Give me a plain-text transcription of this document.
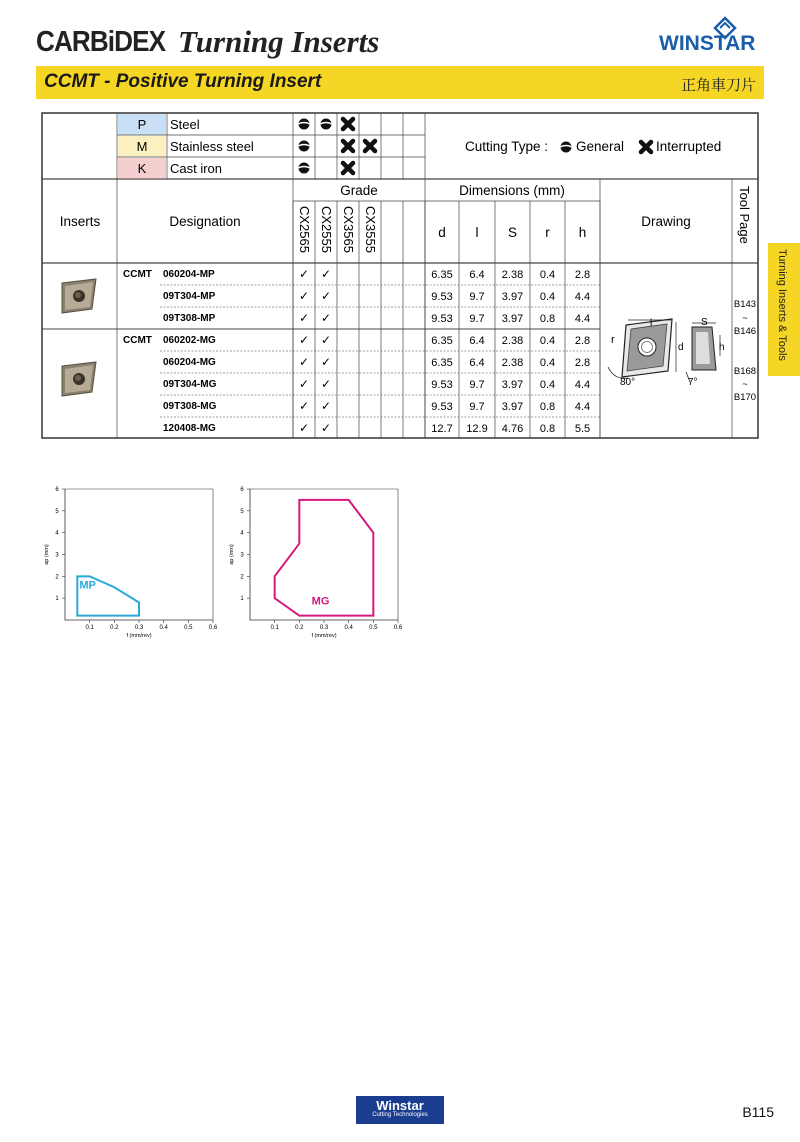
CARBiDEX Turning Inserts	WINSTAR
CCMT - Positive Turning Insert	正角車刀片
Turning Inserts & Tools
P Steel
M Stainless steel
K Cast iron
Cutting Type : General Interrupted
Inserts	Designation
Grade	Dimensions (mm)
Drawing	Tool Page
CX2565 CX2555 CX3565 CX3555	d l S r h
CCMT 060204-MP	✓ ✓	6.35 6.4 2.38 0.4 2.8
09T304-MP	✓ ✓	9.53 9.7 3.97 0.4 4.4
09T308-MP	✓ ✓	9.53 9.7 3.97 0.8 4.4
CCMT 060202-MG	✓ ✓	6.35 6.4 2.38 0.4 2.8
060204-MG	✓ ✓	6.35 6.4 2.38 0.4 2.8
09T304-MG	✓ ✓	9.53 9.7 3.97 0.4 4.4
09T308-MG	✓ ✓	9.53 9.7 3.97 0.8 4.4
120408-MG	✓ ✓	12.7 12.9 4.76 0.8 5.5
B143
~
B146
B168
~
B170
r
l	S
d	h
80°	7°
1
2
3
4
5
6
0.1	0.2	0.3	0.4	0.5	0.6
f (mm/rev)
ap (mm)
MP
1
2
3
4
5
6
0.1	0.2	0.3	0.4	0.5	0.6
f (mm/rev)
ap (mm)
MG
Winstar
Cutting Technologies	B115
